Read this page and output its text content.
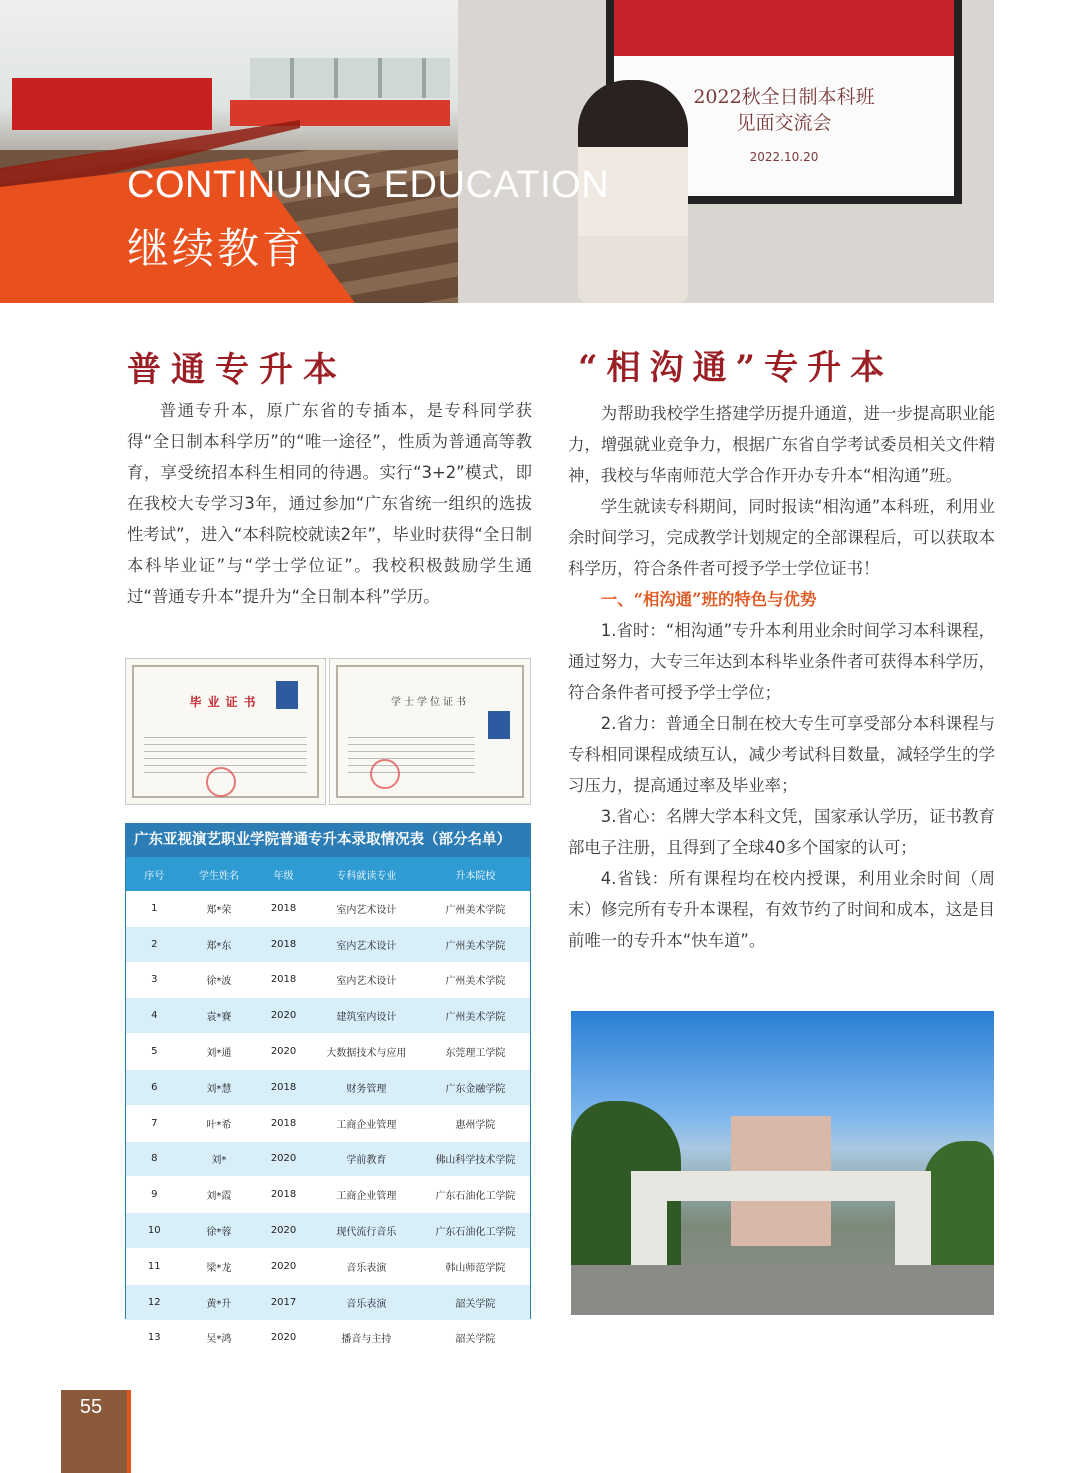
2022秋全日制本科班
见面交流会
2022.10.20
CONTINUING EDUCATION
继续教育
普通专升本

普通专升本，原广东省的专插本，是专科同学获得“全日制本科学历”的“唯一途径”，性质为普通高等教育，享受统招本科生相同的待遇。实行“3+2”模式，即在我校大专学习3年，通过参加“广东省统一组织的选拔性考试”，进入“本科院校就读2年”，毕业时获得“全日制本科毕业证”与“学士学位证”。我校积极鼓励学生通过“普通专升本”提升为“全日制本科”学历。

毕业证书	学士学位证书
广东亚视演艺职业学院普通专升本录取情况表（部分名单）
序号	学生姓名	年级	专科就读专业	升本院校
1	郑*荣	2018	室内艺术设计	广州美术学院
2	郑*东	2018	室内艺术设计	广州美术学院
3	徐*波	2018	室内艺术设计	广州美术学院
4	袁*賽	2020	建筑室内设计	广州美术学院
5	刘*通	2020	大数据技术与应用	东莞理工学院
6	刘*慧	2018	财务管理	广东金融学院
7	叶*希	2018	工商企业管理	惠州学院
8	刘*	2020	学前教育	佛山科学技术学院
9	刘*霞	2018	工商企业管理	广东石油化工学院
10	徐*蓉	2020	现代流行音乐	广东石油化工学院
11	梁*龙	2020	音乐表演	韩山师范学院
12	黄*升	2017	音乐表演	韶关学院
13	吴*鸿	2020	播音与主持	韶关学院
“相沟通”专升本

为帮助我校学生搭建学历提升通道，进一步提高职业能力，增强就业竞争力，根据广东省自学考试委员相关文件精神，我校与华南师范大学合作开办专升本“相沟通”班。

学生就读专科期间，同时报读“相沟通”本科班，利用业余时间学习，完成教学计划规定的全部课程后，可以获取本科学历，符合条件者可授予学士学位证书！

一、“相沟通”班的特色与优势

1.省时：“相沟通”专升本利用业余时间学习本科课程，通过努力，大专三年达到本科毕业条件者可获得本科学历，符合条件者可授予学士学位；

2.省力：普通全日制在校大专生可享受部分本科课程与专科相同课程成绩互认，减少考试科目数量，减轻学生的学习压力，提高通过率及毕业率；

3.省心：名牌大学本科文凭，国家承认学历，证书教育部电子注册，且得到了全球40多个国家的认可；

4.省钱：所有课程均在校内授课，利用业余时间（周末）修完所有专升本课程，有效节约了时间和成本，这是目前唯一的专升本“快车道”。

55
